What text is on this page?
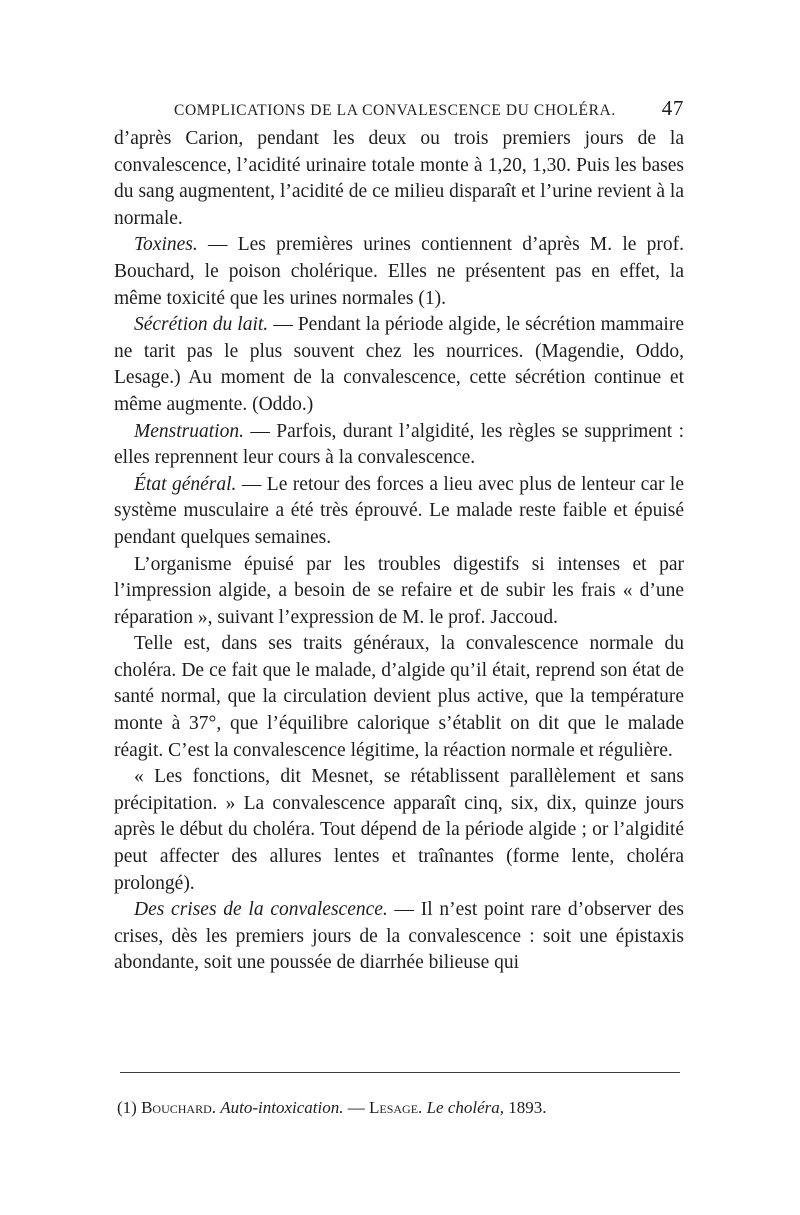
COMPLICATIONS DE LA CONVALESCENCE DU CHOLÉRA. 47

d’après Carion, pendant les deux ou trois premiers jours de la convalescence, l’acidité urinaire totale monte à 1,20, 1,30. Puis les bases du sang augmentent, l’acidité de ce milieu disparaît et l’urine revient à la normale.

Toxines. — Les premières urines contiennent d’après M. le prof. Bouchard, le poison cholérique. Elles ne présentent pas en effet, la même toxicité que les urines normales (1).

Sécrétion du lait. — Pendant la période algide, le sécrétion mammaire ne tarit pas le plus souvent chez les nourrices. (Magendie, Oddo, Lesage.) Au moment de la convalescence, cette sécrétion continue et même augmente. (Oddo.)

Menstruation. — Parfois, durant l’algidité, les règles se suppriment : elles reprennent leur cours à la convalescence.

État général. — Le retour des forces a lieu avec plus de lenteur car le système musculaire a été très éprouvé. Le malade reste faible et épuisé pendant quelques semaines.

L’organisme épuisé par les troubles digestifs si intenses et par l’impression algide, a besoin de se refaire et de subir les frais « d’une réparation », suivant l’expression de M. le prof. Jaccoud.

Telle est, dans ses traits généraux, la convalescence normale du choléra. De ce fait que le malade, d’algide qu’il était, reprend son état de santé normal, que la circulation devient plus active, que la température monte à 37°, que l’équilibre calorique s’établit on dit que le malade réagit. C’est la convalescence légitime, la réaction normale et régulière.

« Les fonctions, dit Mesnet, se rétablissent parallèlement et sans précipitation. » La convalescence apparaît cinq, six, dix, quinze jours après le début du choléra. Tout dépend de la période algide ; or l’algidité peut affecter des allures lentes et traînantes (forme lente, choléra prolongé).

Des crises de la convalescence. — Il n’est point rare d’observer des crises, dès les premiers jours de la convalescence : soit une épistaxis abondante, soit une poussée de diarrhée bilieuse qui

(1) Bouchard. Auto-intoxication. — Lesage. Le choléra, 1893.
